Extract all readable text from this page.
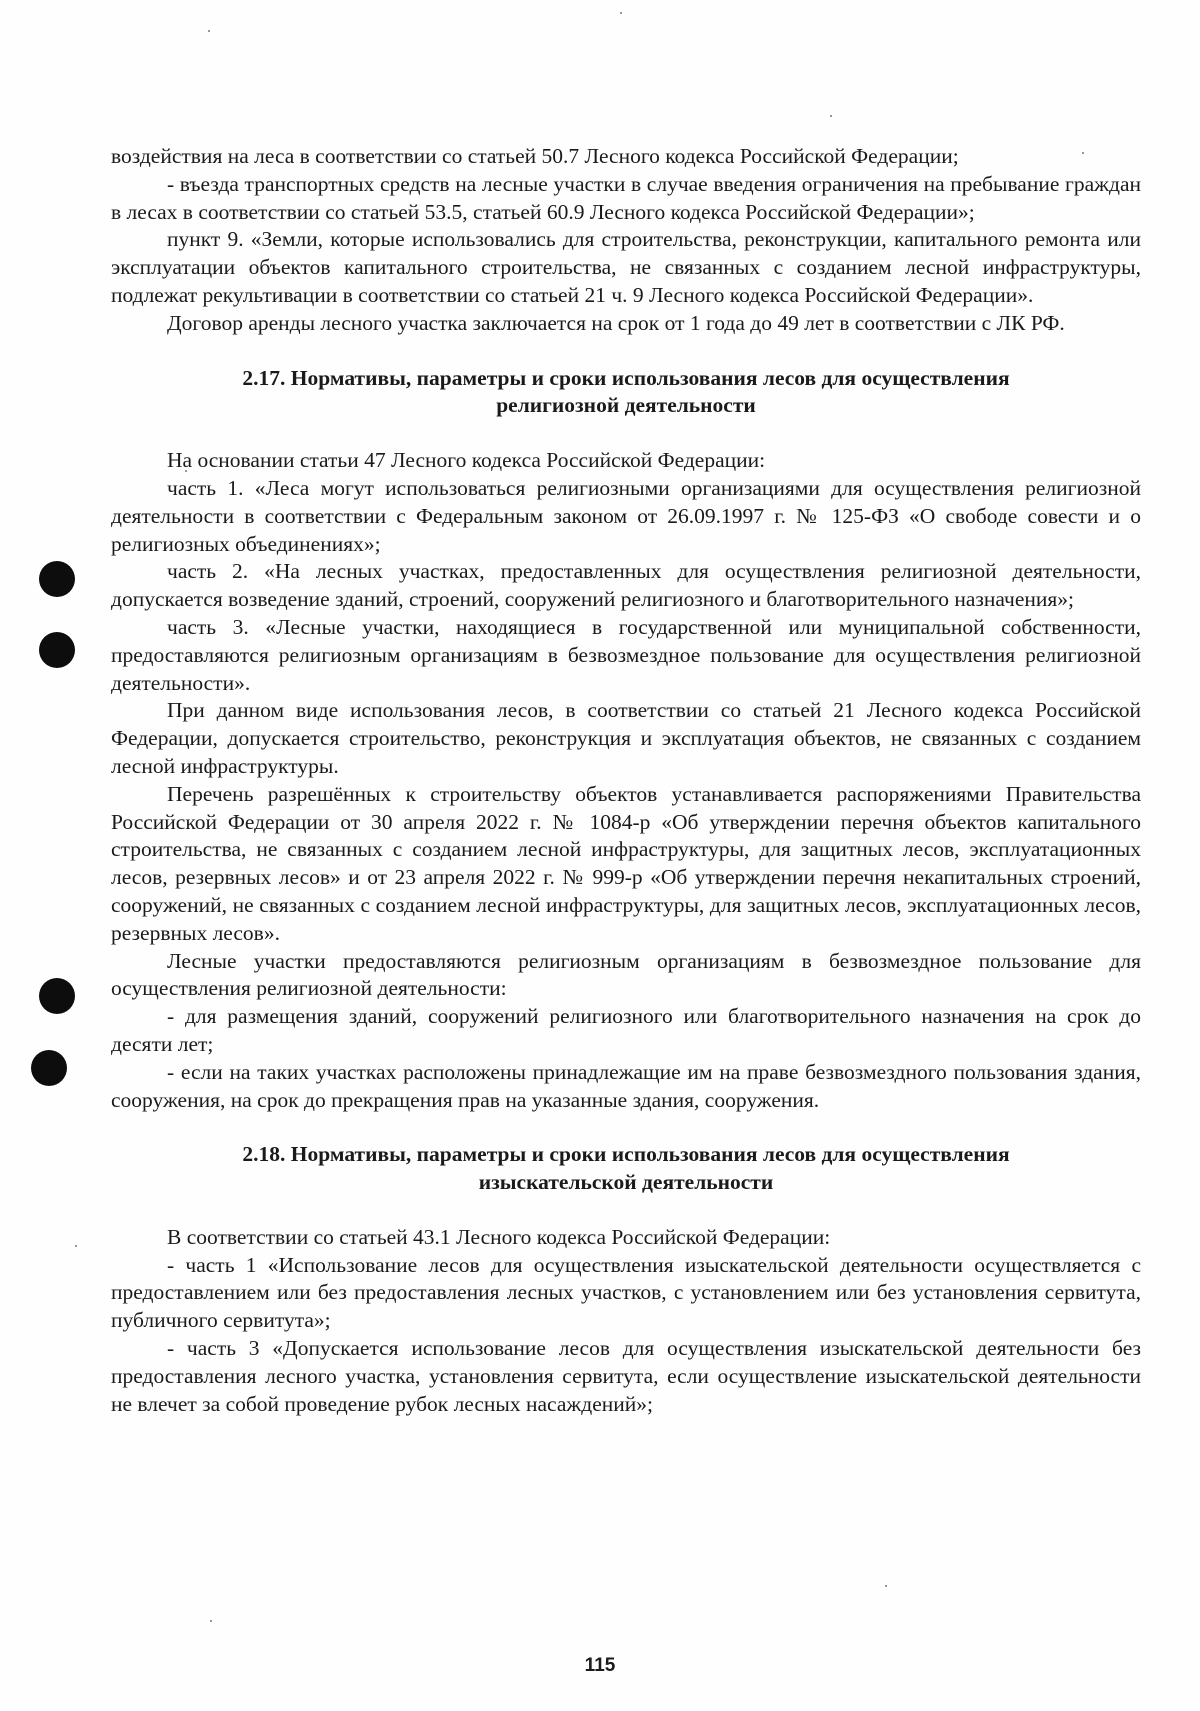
воздействия на леса в соответствии со статьей 50.7 Лесного кодекса Российской Федерации;

- въезда транспортных средств на лесные участки в случае введения ограничения на пребывание граждан в лесах в соответствии со статьей 53.5, статьей 60.9 Лесного кодекса Российской Федерации»;

пункт 9. «Земли, которые использовались для строительства, реконструкции, капитального ремонта или эксплуатации объектов капитального строительства, не связанных с созданием лесной инфраструктуры, подлежат рекультивации в соответствии со статьей 21 ч. 9 Лесного кодекса Российской Федерации».

Договор аренды лесного участка заключается на срок от 1 года до 49 лет в соответствии с ЛК РФ.

2.17. Нормативы, параметры и сроки использования лесов для осуществления
религиозной деятельности

На основании статьи 47 Лесного кодекса Российской Федерации:

часть 1. «Леса могут использоваться религиозными организациями для осуществления религиозной деятельности в соответствии с Федеральным законом от 26.09.1997 г. № 125-ФЗ «О свободе совести и о религиозных объединениях»;

часть 2. «На лесных участках, предоставленных для осуществления религиозной деятельности, допускается возведение зданий, строений, сооружений религиозного и благотворительного назначения»;

часть 3. «Лесные участки, находящиеся в государственной или муниципальной собственности, предоставляются религиозным организациям в безвозмездное пользование для осуществления религиозной деятельности».

При данном виде использования лесов, в соответствии со статьей 21 Лесного кодекса Российской Федерации, допускается строительство, реконструкция и эксплуатация объектов, не связанных с созданием лесной инфраструктуры.

Перечень разрешённых к строительству объектов устанавливается распоряжениями Правительства Российской Федерации от 30 апреля 2022 г. № 1084-р «Об утверждении перечня объектов капитального строительства, не связанных с созданием лесной инфраструктуры, для защитных лесов, эксплуатационных лесов, резервных лесов» и от 23 апреля 2022 г. № 999-р «Об утверждении перечня некапитальных строений, сооружений, не связанных с созданием лесной инфраструктуры, для защитных лесов, эксплуатационных лесов, резервных лесов».

Лесные участки предоставляются религиозным организациям в безвозмездное пользование для осуществления религиозной деятельности:

- для размещения зданий, сооружений религиозного или благотворительного назначения на срок до десяти лет;

- если на таких участках расположены принадлежащие им на праве безвозмездного пользования здания, сооружения, на срок до прекращения прав на указанные здания, сооружения.

2.18. Нормативы, параметры и сроки использования лесов для осуществления
изыскательской деятельности

В соответствии со статьей 43.1 Лесного кодекса Российской Федерации:

- часть 1 «Использование лесов для осуществления изыскательской деятельности осуществляется с предоставлением или без предоставления лесных участков, с установлением или без установления сервитута, публичного сервитута»;

- часть 3 «Допускается использование лесов для осуществления изыскательской деятельности без предоставления лесного участка, установления сервитута, если осуществление изыскательской деятельности не влечет за собой проведение рубок лесных насаждений»;

115
